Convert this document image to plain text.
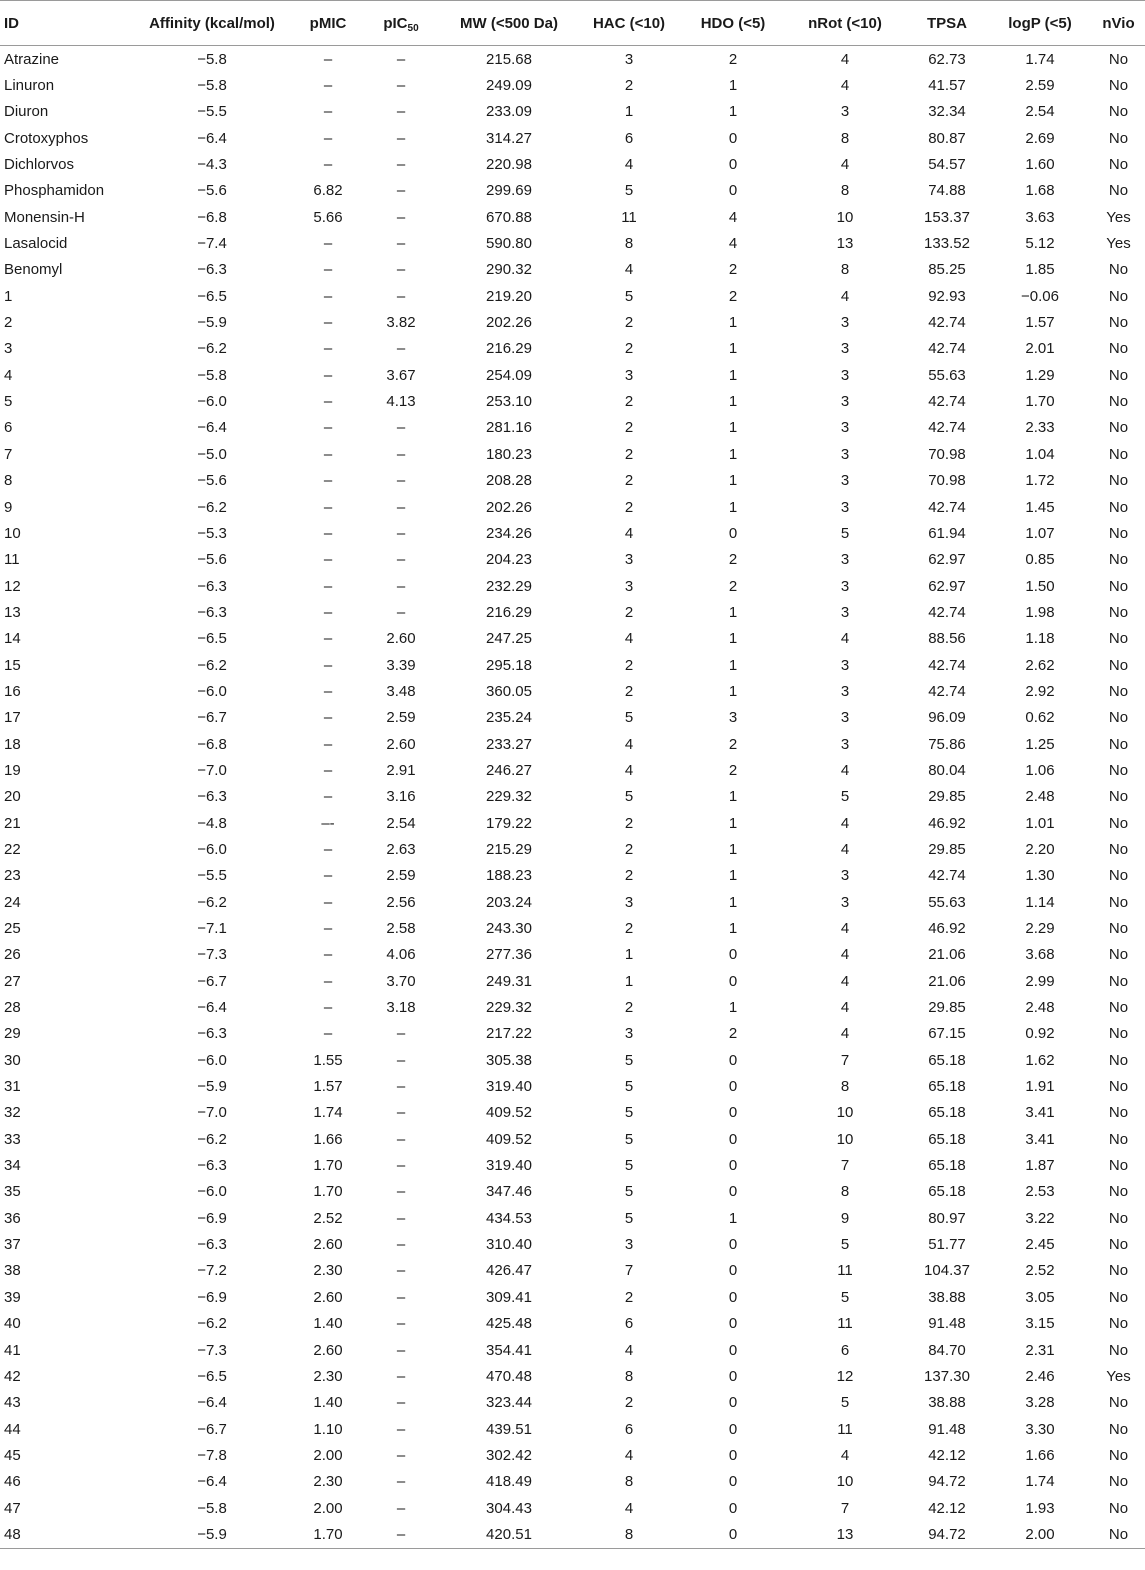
ID	Affinity (kcal/mol)	pMIC	pIC$_{50}$	MW (<500 Da)	HAC (<10)	HDO (<5)	nRot (<10)	TPSA	logP (<5)	nVio
Atrazine	−5.8	–	–	215.68	3	2	4	62.73	1.74	No
Linuron	−5.8	–	–	249.09	2	1	4	41.57	2.59	No
Diuron	−5.5	–	–	233.09	1	1	3	32.34	2.54	No
Crotoxyphos	−6.4	–	–	314.27	6	0	8	80.87	2.69	No
Dichlorvos	−4.3	–	–	220.98	4	0	4	54.57	1.60	No
Phosphamidon	−5.6	6.82	–	299.69	5	0	8	74.88	1.68	No
Monensin-H	−6.8	5.66	–	670.88	11	4	10	153.37	3.63	Yes
Lasalocid	−7.4	–	–	590.80	8	4	13	133.52	5.12	Yes
Benomyl	−6.3	–	–	290.32	4	2	8	85.25	1.85	No
1	−6.5	–	–	219.20	5	2	4	92.93	−0.06	No
2	−5.9	–	3.82	202.26	2	1	3	42.74	1.57	No
3	−6.2	–	–	216.29	2	1	3	42.74	2.01	No
4	−5.8	–	3.67	254.09	3	1	3	55.63	1.29	No
5	−6.0	–	4.13	253.10	2	1	3	42.74	1.70	No
6	−6.4	–	–	281.16	2	1	3	42.74	2.33	No
7	−5.0	–	–	180.23	2	1	3	70.98	1.04	No
8	−5.6	–	–	208.28	2	1	3	70.98	1.72	No
9	−6.2	–	–	202.26	2	1	3	42.74	1.45	No
10	−5.3	–	–	234.26	4	0	5	61.94	1.07	No
11	−5.6	–	–	204.23	3	2	3	62.97	0.85	No
12	−6.3	–	–	232.29	3	2	3	62.97	1.50	No
13	−6.3	–	–	216.29	2	1	3	42.74	1.98	No
14	−6.5	–	2.60	247.25	4	1	4	88.56	1.18	No
15	−6.2	–	3.39	295.18	2	1	3	42.74	2.62	No
16	−6.0	–	3.48	360.05	2	1	3	42.74	2.92	No
17	−6.7	–	2.59	235.24	5	3	3	96.09	0.62	No
18	−6.8	–	2.60	233.27	4	2	3	75.86	1.25	No
19	−7.0	–	2.91	246.27	4	2	4	80.04	1.06	No
20	−6.3	–	3.16	229.32	5	1	5	29.85	2.48	No
21	−4.8	–-	2.54	179.22	2	1	4	46.92	1.01	No
22	−6.0	–	2.63	215.29	2	1	4	29.85	2.20	No
23	−5.5	–	2.59	188.23	2	1	3	42.74	1.30	No
24	−6.2	–	2.56	203.24	3	1	3	55.63	1.14	No
25	−7.1	–	2.58	243.30	2	1	4	46.92	2.29	No
26	−7.3	–	4.06	277.36	1	0	4	21.06	3.68	No
27	−6.7	–	3.70	249.31	1	0	4	21.06	2.99	No
28	−6.4	–	3.18	229.32	2	1	4	29.85	2.48	No
29	−6.3	–	–	217.22	3	2	4	67.15	0.92	No
30	−6.0	1.55	–	305.38	5	0	7	65.18	1.62	No
31	−5.9	1.57	–	319.40	5	0	8	65.18	1.91	No
32	−7.0	1.74	–	409.52	5	0	10	65.18	3.41	No
33	−6.2	1.66	–	409.52	5	0	10	65.18	3.41	No
34	−6.3	1.70	–	319.40	5	0	7	65.18	1.87	No
35	−6.0	1.70	–	347.46	5	0	8	65.18	2.53	No
36	−6.9	2.52	–	434.53	5	1	9	80.97	3.22	No
37	−6.3	2.60	–	310.40	3	0	5	51.77	2.45	No
38	−7.2	2.30	–	426.47	7	0	11	104.37	2.52	No
39	−6.9	2.60	–	309.41	2	0	5	38.88	3.05	No
40	−6.2	1.40	–	425.48	6	0	11	91.48	3.15	No
41	−7.3	2.60	–	354.41	4	0	6	84.70	2.31	No
42	−6.5	2.30	–	470.48	8	0	12	137.30	2.46	Yes
43	−6.4	1.40	–	323.44	2	0	5	38.88	3.28	No
44	−6.7	1.10	–	439.51	6	0	11	91.48	3.30	No
45	−7.8	2.00	–	302.42	4	0	4	42.12	1.66	No
46	−6.4	2.30	–	418.49	8	0	10	94.72	1.74	No
47	−5.8	2.00	–	304.43	4	0	7	42.12	1.93	No
48	−5.9	1.70	–	420.51	8	0	13	94.72	2.00	No
